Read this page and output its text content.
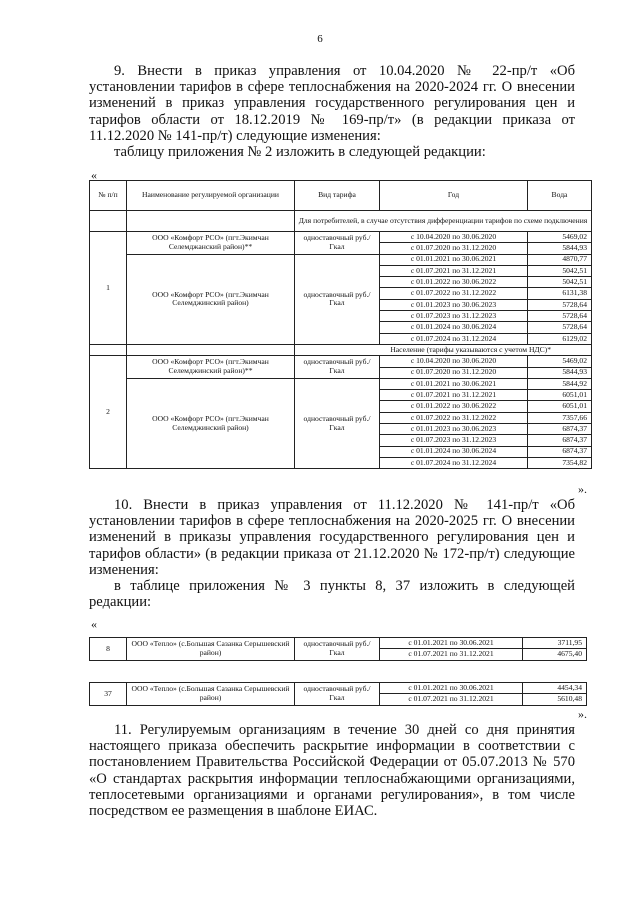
6

9. Внести в приказ управления от 10.04.2020 № 22-пр/т «Об установлении тарифов в сфере теплоснабжения на 2020-2024 гг. О внесении изменений в приказ управления государственного регулирования цен и тарифов области от 18.12.2019 № 169-пр/т» (в редакции приказа от 11.12.2020 № 141-пр/т) следующие изменения:

таблицу приложения № 2 изложить в следующей редакции:

«
№ п/п	Наименование регулируемой организации	Вид тарифа	Год	Вода
		Для потребителей, в случае отсутствия дифференциации тарифов по схеме подключения		
1	ООО «Комфорт РСО» (пгт.Экимчан Селемджанский район)**	одноставочный руб./Гкал	с 10.04.2020 по 30.06.2020	5469,02
			с 01.07.2020 по 31.12.2020	5844,93
	ООО «Комфорт РСО» (пгт.Экимчан Селемджинский район)	одноставочный руб./Гкал	с 01.01.2021 по 30.06.2021	4870,77
			с 01.07.2021 по 31.12.2021	5042,51
			с 01.01.2022 по 30.06.2022	5042,51
			с 01.07.2022 по 31.12.2022	6131,38
			с 01.01.2023 по 30.06.2023	5728,64
			с 01.07.2023 по 31.12.2023	5728,64
			с 01.01.2024 по 30.06.2024	5728,64
			с 01.07.2024 по 31.12.2024	6129,02
		Население (тарифы указываются с учетом НДС)*		
2	ООО «Комфорт РСО» (пгт.Экимчан Селемджинский район)**	одноставочный руб./Гкал	с 10.04.2020 по 30.06.2020	5469,02
			с 01.07.2020 по 31.12.2020	5844,93
	ООО «Комфорт РСО» (пгт.Экимчан Селемджинский район)	одноставочный руб./Гкал	с 01.01.2021 по 30.06.2021	5844,92
			с 01.07.2021 по 31.12.2021	6051,01
			с 01.01.2022 по 30.06.2022	6051,01
			с 01.07.2022 по 31.12.2022	7357,66
			с 01.01.2023 по 30.06.2023	6874,37
			с 01.07.2023 по 31.12.2023	6874,37
			с 01.01.2024 по 30.06.2024	6874,37
			с 01.07.2024 по 31.12.2024	7354,82
».

10. Внести в приказ управления от 11.12.2020 № 141-пр/т «Об установлении тарифов в сфере теплоснабжения на 2020-2025 гг. О внесении изменений в приказы управления государственного регулирования цен и тарифов области» (в редакции приказа от 21.12.2020 № 172-пр/т) следующие изменения:

в таблице приложения № 3 пункты 8, 37 изложить в следующей редакции:

«
8	ООО «Тепло» (с.Большая Сазанка Серышевский район)	одноставочный руб./Гкал	с 01.01.2021 по 30.06.2021	3711,95
			с 01.07.2021 по 31.12.2021	4675,40
37	ООО «Тепло» (с.Большая Сазанка Серышевский район)	одноставочный руб./Гкал	с 01.01.2021 по 30.06.2021	4454,34
			с 01.07.2021 по 31.12.2021	5610,48
».

11. Регулируемым организациям в течение 30 дней со дня принятия настоящего приказа обеспечить раскрытие информации в соответствии с постановлением Правительства Российской Федерации от 05.07.2013 № 570 «О стандартах раскрытия информации теплоснабжающими организациями, теплосетевыми организациями и органами регулирования», в том числе посредством ее размещения в шаблоне ЕИАС.
